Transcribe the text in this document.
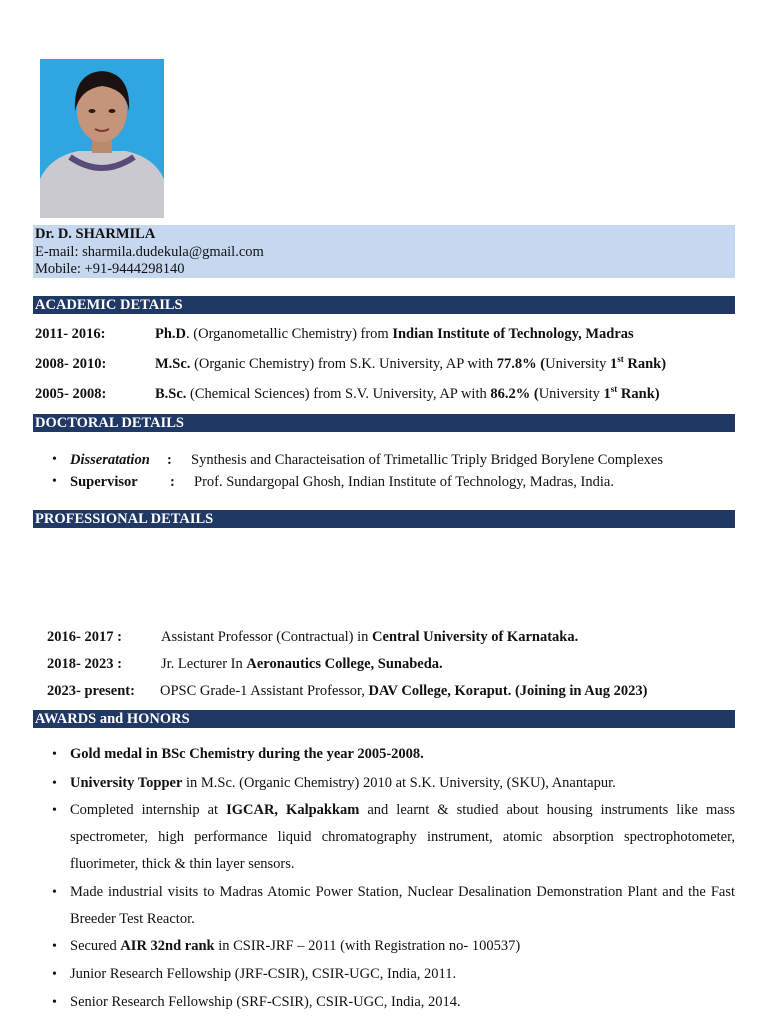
Dr. D. SHARMILA
E-mail: sharmila.dudekula@gmail.com
Mobile: +91-9444298140
ACADEMIC DETAILS
2011- 2016:	Ph.D. (Organometallic Chemistry) from Indian Institute of Technology, Madras
2008- 2010:	M.Sc. (Organic Chemistry) from S.K. University, AP with 77.8% (University 1st Rank)
2005- 2008:	B.Sc. (Chemical Sciences) from S.V. University, AP with 86.2% (University 1st Rank)
DOCTORAL DETAILS
• Disseratation : Synthesis and Characteisation of Trimetallic Triply Bridged Borylene Complexes
• Supervisor : Prof. Sundargopal Ghosh, Indian Institute of Technology, Madras, India.
PROFESSIONAL DETAILS
2016- 2017 :	Assistant Professor (Contractual) in Central University of Karnataka.
2018- 2023 :	Jr. Lecturer In Aeronautics College, Sunabeda.
2023- present: OPSC Grade-1 Assistant Professor, DAV College, Koraput. (Joining in Aug 2023)
AWARDS and HONORS
• Gold medal in BSc Chemistry during the year 2005-2008.
• University Topper in M.Sc. (Organic Chemistry) 2010 at S.K. University, (SKU), Anantapur.
• Completed internship at IGCAR, Kalpakkam and learnt & studied about housing instruments like mass spectrometer, high performance liquid chromatography instrument, atomic absorption spectrophotometer, fluorimeter, thick & thin layer sensors.
• Made industrial visits to Madras Atomic Power Station, Nuclear Desalination Demonstration Plant and the Fast Breeder Test Reactor.
• Secured AIR 32nd rank in CSIR-JRF – 2011 (with Registration no- 100537)
• Junior Research Fellowship (JRF-CSIR), CSIR-UGC, India, 2011.
• Senior Research Fellowship (SRF-CSIR), CSIR-UGC, India, 2014.
